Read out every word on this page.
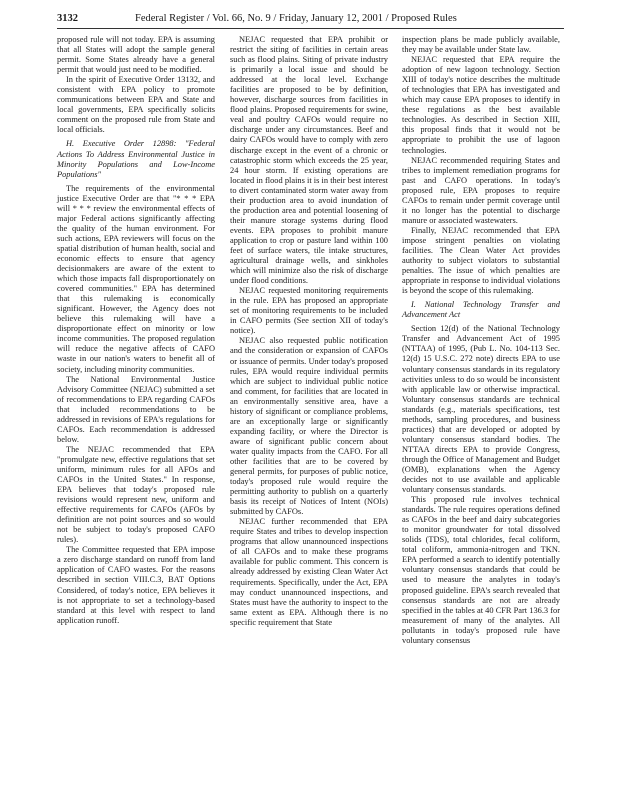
3132	Federal Register / Vol. 66, No. 9 / Friday, January 12, 2001 / Proposed Rules

proposed rule will not today. EPA is assuming that all States will adopt the sample general permit. Some States already have a general permit that would just need to be modified.

In the spirit of Executive Order 13132, and consistent with EPA policy to promote communications between EPA and State and local governments, EPA specifically solicits comment on the proposed rule from State and local officials.

H. Executive Order 12898: "Federal Actions To Address Environmental Justice in Minority Populations and Low-Income Populations"

The requirements of the environmental justice Executive Order are that "* * * EPA will * * * review the environmental effects of major Federal actions significantly affecting the quality of the human environment. For such actions, EPA reviewers will focus on the spatial distribution of human health, social and economic effects to ensure that agency decisionmakers are aware of the extent to which those impacts fall disproportionately on covered communities." EPA has determined that this rulemaking is economically significant. However, the Agency does not believe this rulemaking will have a disproportionate effect on minority or low income communities. The proposed regulation will reduce the negative affects of CAFO waste in our nation's waters to benefit all of society, including minority communities.

The National Environmental Justice Advisory Committee (NEJAC) submitted a set of recommendations to EPA regarding CAFOs that included recommendations to be addressed in revisions of EPA's regulations for CAFOs. Each recommendation is addressed below.

The NEJAC recommended that EPA "promulgate new, effective regulations that set uniform, minimum rules for all AFOs and CAFOs in the United States." In response, EPA believes that today's proposed rule revisions would represent new, uniform and effective requirements for CAFOs (AFOs by definition are not point sources and so would not be subject to today's proposed CAFO rules).

The Committee requested that EPA impose a zero discharge standard on runoff from land application of CAFO wastes. For the reasons described in section VIII.C.3, BAT Options Considered, of today's notice, EPA believes it is not appropriate to set a technology-based standard at this level with respect to land application runoff.

NEJAC requested that EPA prohibit or restrict the siting of facilities in certain areas such as flood plains. Siting of private industry is primarily a local issue and should be addressed at the local level. Exchange facilities are proposed to be by definition, however, discharge sources from facilities in flood plains. Proposed requirements for swine, veal and poultry CAFOs would require no discharge under any circumstances. Beef and dairy CAFOs would have to comply with zero discharge except in the event of a chronic or catastrophic storm which exceeds the 25 year, 24 hour storm. If existing operations are located in flood plains it is in their best interest to divert contaminated storm water away from their production area to avoid inundation of the production area and potential loosening of their manure storage systems during flood events. EPA proposes to prohibit manure application to crop or pasture land within 100 feet of surface waters, tile intake structures, agricultural drainage wells, and sinkholes which will minimize also the risk of discharge under flood conditions.

NEJAC requested monitoring requirements in the rule. EPA has proposed an appropriate set of monitoring requirements to be included in CAFO permits (See section XII of today's notice).

NEJAC also requested public notification and the consideration or expansion of CAFOs or issuance of permits. Under today's proposed rules, EPA would require individual permits which are subject to individual public notice and comment, for facilities that are located in an environmentally sensitive area, have a history of significant or compliance problems, are an exceptionally large or significantly expanding facility, or where the Director is aware of significant public concern about water quality impacts from the CAFO. For all other facilities that are to be covered by general permits, for purposes of public notice, today's proposed rule would require the permitting authority to publish on a quarterly basis its receipt of Notices of Intent (NOIs) submitted by CAFOs.

NEJAC further recommended that EPA require States and tribes to develop inspection programs that allow unannounced inspections of all CAFOs and to make these programs available for public comment. This concern is already addressed by existing Clean Water Act requirements. Specifically, under the Act, EPA may conduct unannounced inspections, and States must have the authority to inspect to the same extent as EPA. Although there is no specific requirement that State

inspection plans be made publicly available, they may be available under State law.

NEJAC requested that EPA require the adoption of new lagoon technology. Section XIII of today's notice describes the multitude of technologies that EPA has investigated and which may cause EPA proposes to identify in these regulations as the best available technologies. As described in Section XIII, this proposal finds that it would not be appropriate to prohibit the use of lagoon technologies.

NEJAC recommended requiring States and tribes to implement remediation programs for past and CAFO operations. In today's proposed rule, EPA proposes to require CAFOs to remain under permit coverage until it no longer has the potential to discharge manure or associated wastewaters.

Finally, NEJAC recommended that EPA impose stringent penalties on violating facilities. The Clean Water Act provides authority to subject violators to substantial penalties. The issue of which penalties are appropriate in response to individual violations is beyond the scope of this rulemaking.

I. National Technology Transfer and Advancement Act

Section 12(d) of the National Technology Transfer and Advancement Act of 1995 (NTTAA) of 1995, (Pub L. No. 104-113 Sec. 12(d) 15 U.S.C. 272 note) directs EPA to use voluntary consensus standards in its regulatory activities unless to do so would be inconsistent with applicable law or otherwise impractical. Voluntary consensus standards are technical standards (e.g., materials specifications, test methods, sampling procedures, and business practices) that are developed or adopted by voluntary consensus standard bodies. The NTTAA directs EPA to provide Congress, through the Office of Management and Budget (OMB), explanations when the Agency decides not to use available and applicable voluntary consensus standards.

This proposed rule involves technical standards. The rule requires operations defined as CAFOs in the beef and dairy subcategories to monitor groundwater for total dissolved solids (TDS), total chlorides, fecal coliform, total coliform, ammonia-nitrogen and TKN. EPA performed a search to identify potentially voluntary consensus standards that could be used to measure the analytes in today's proposed guideline. EPA's search revealed that consensus standards are not are already specified in the tables at 40 CFR Part 136.3 for measurement of many of the analytes. All pollutants in today's proposed rule have voluntary consensus
